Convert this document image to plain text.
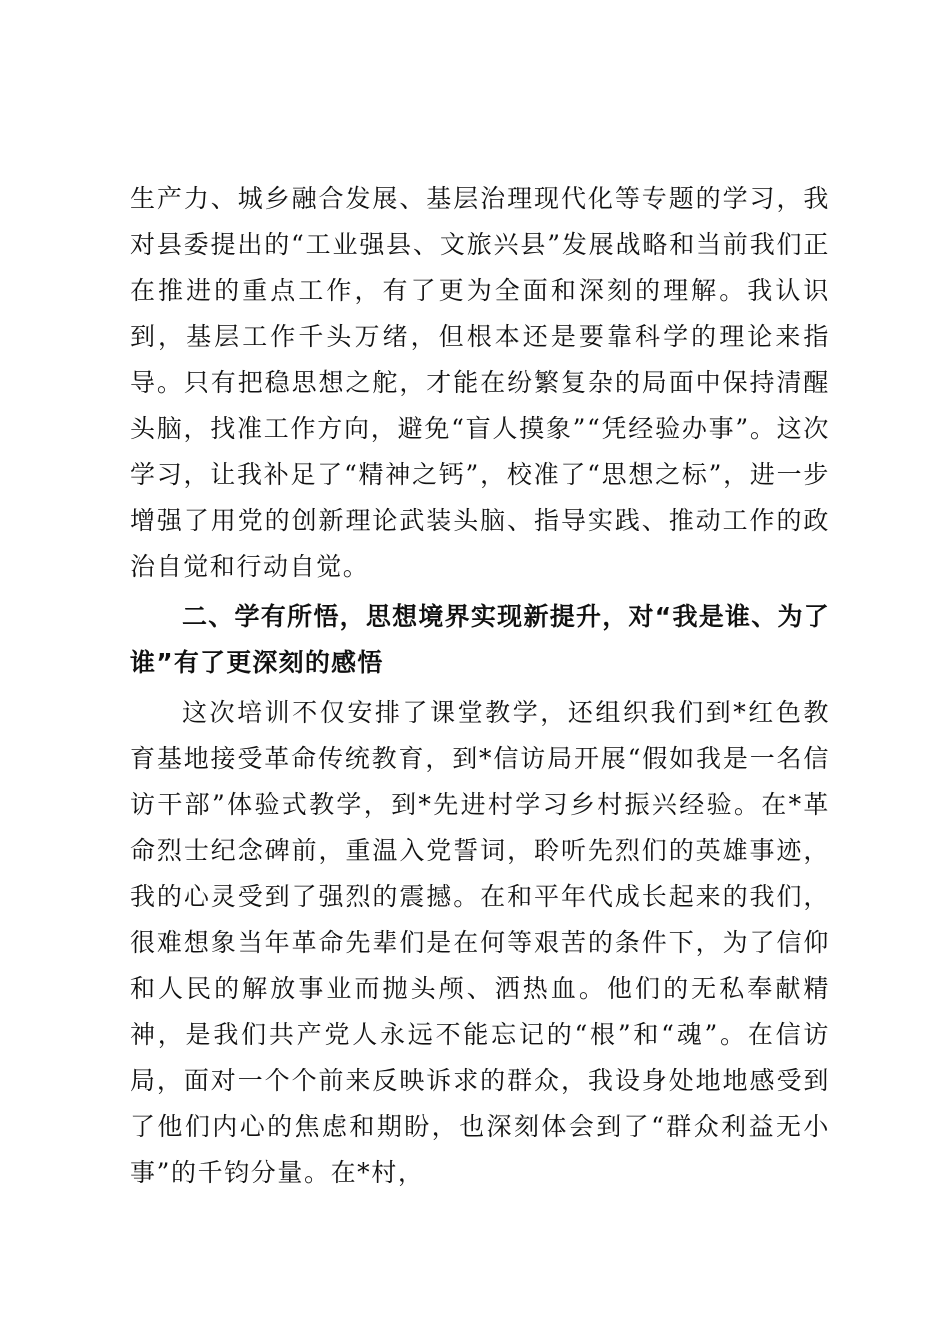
生产力、城乡融合发展、基层治理现代化等专题的学习，我对县委提出的“工业强县、文旅兴县”发展战略和当前我们正在推进的重点工作，有了更为全面和深刻的理解。我认识到，基层工作千头万绪，但根本还是要靠科学的理论来指导。只有把稳思想之舵，才能在纷繁复杂的局面中保持清醒头脑，找准工作方向，避免“盲人摸象”“凭经验办事”。这次学习，让我补足了“精神之钙”，校准了“思想之标”，进一步增强了用党的创新理论武装头脑、指导实践、推动工作的政治自觉和行动自觉。

二、学有所悟，思想境界实现新提升，对“我是谁、为了谁”有了更深刻的感悟

这次培训不仅安排了课堂教学，还组织我们到*红色教育基地接受革命传统教育，到*信访局开展“假如我是一名信访干部”体验式教学，到*先进村学习乡村振兴经验。在*革命烈士纪念碑前，重温入党誓词，聆听先烈们的英雄事迹，我的心灵受到了强烈的震撼。在和平年代成长起来的我们，很难想象当年革命先辈们是在何等艰苦的条件下，为了信仰和人民的解放事业而抛头颅、洒热血。他们的无私奉献精神，是我们共产党人永远不能忘记的“根”和“魂”。在信访局，面对一个个前来反映诉求的群众，我设身处地地感受到了他们内心的焦虑和期盼，也深刻体会到了“群众利益无小事”的千钧分量。在*村，
